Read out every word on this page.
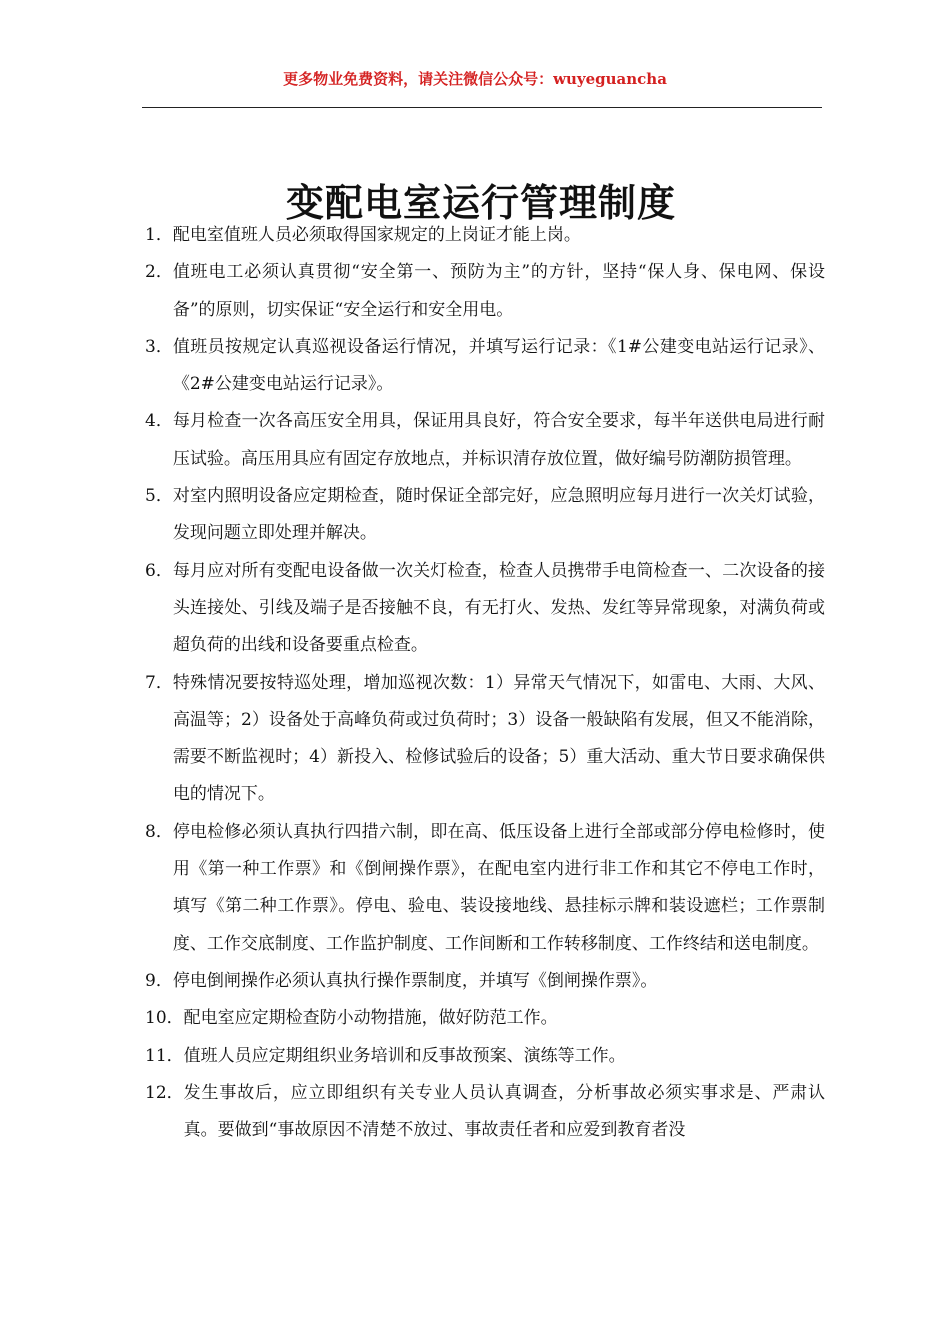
更多物业免费资料，请关注微信公众号：wuyeguancha
变配电室运行管理制度
1． 配电室值班人员必须取得国家规定的上岗证才能上岗。
2． 值班电工必须认真贯彻“安全第一、预防为主”的方针，坚持“保人身、保电网、保设备”的原则，切实保证“安全运行和安全用电。
3． 值班员按规定认真巡视设备运行情况，并填写运行记录：《1#公建变电站运行记录》、《2#公建变电站运行记录》。
4． 每月检查一次各高压安全用具，保证用具良好，符合安全要求，每半年送供电局进行耐压试验。高压用具应有固定存放地点，并标识清存放位置，做好编号防潮防损管理。
5． 对室内照明设备应定期检查，随时保证全部完好，应急照明应每月进行一次关灯试验，发现问题立即处理并解决。
6． 每月应对所有变配电设备做一次关灯检查，检查人员携带手电筒检查一、二次设备的接头连接处、引线及端子是否接触不良，有无打火、发热、发红等异常现象，对满负荷或超负荷的出线和设备要重点检查。
7． 特殊情况要按特巡处理，增加巡视次数：1）异常天气情况下，如雷电、大雨、大风、高温等；2）设备处于高峰负荷或过负荷时；3）设备一般缺陷有发展，但又不能消除，需要不断监视时；4）新投入、检修试验后的设备；5）重大活动、重大节日要求确保供电的情况下。
8． 停电检修必须认真执行四措六制，即在高、低压设备上进行全部或部分停电检修时，使用《第一种工作票》和《倒闸操作票》，在配电室内进行非工作和其它不停电工作时，填写《第二种工作票》。停电、验电、装设接地线、悬挂标示牌和装设遮栏；工作票制度、工作交底制度、工作监护制度、工作间断和工作转移制度、工作终结和送电制度。
9． 停电倒闸操作必须认真执行操作票制度，并填写《倒闸操作票》。
10． 配电室应定期检查防小动物措施，做好防范工作。
11． 值班人员应定期组织业务培训和反事故预案、演练等工作。
12． 发生事故后，应立即组织有关专业人员认真调查，分析事故必须实事求是、严肃认真。要做到“事故原因不清楚不放过、事故责任者和应爱到教育者没
